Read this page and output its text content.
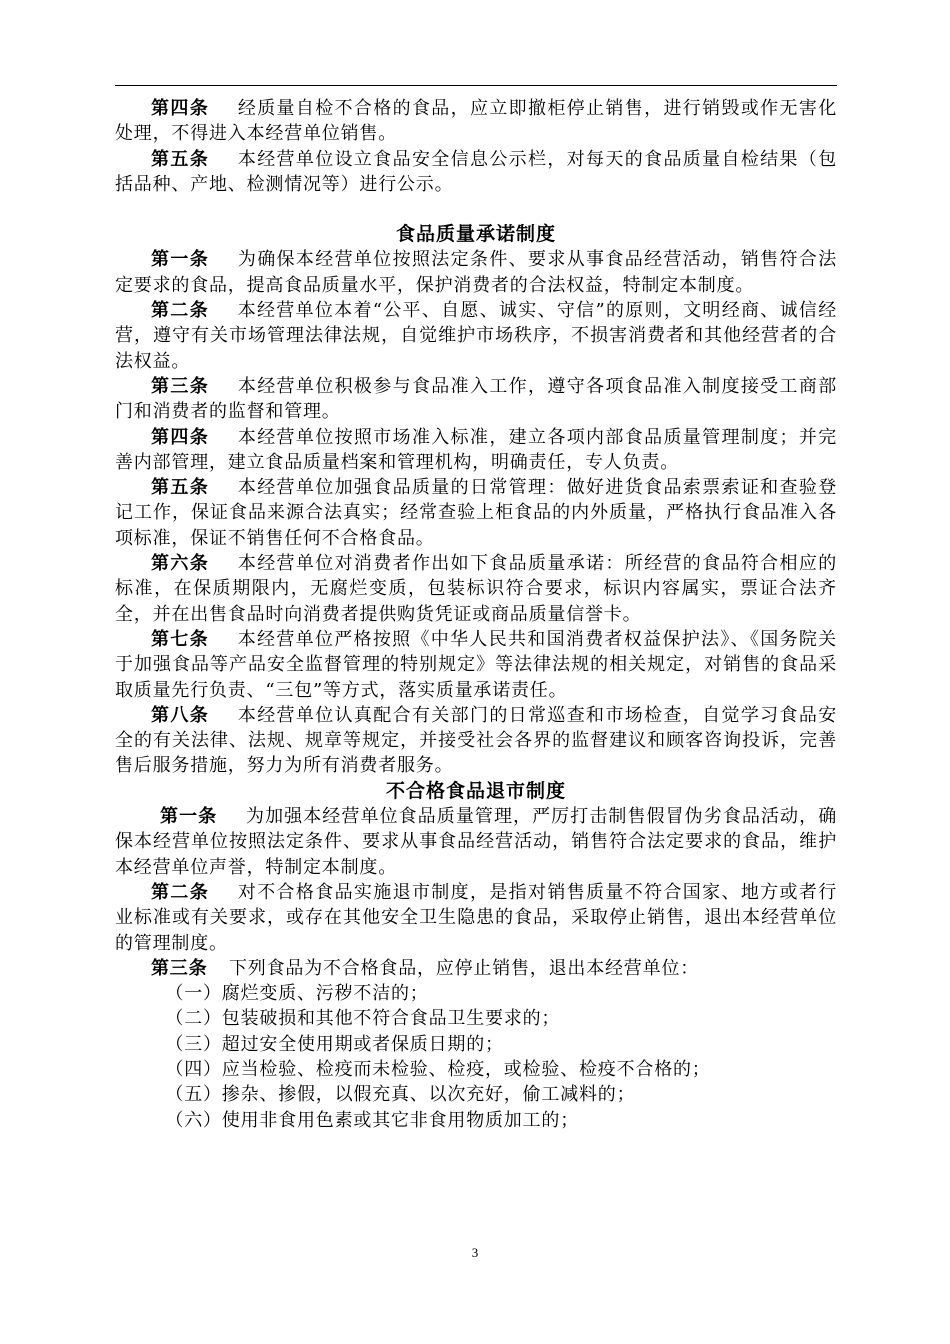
第四条 经质量自检不合格的食品，应立即撤柜停止销售，进行销毁或作无害化处理，不得进入本经营单位销售。

第五条 本经营单位设立食品安全信息公示栏，对每天的食品质量自检结果（包括品种、产地、检测情况等）进行公示。

食品质量承诺制度

第一条 为确保本经营单位按照法定条件、要求从事食品经营活动，销售符合法定要求的食品，提高食品质量水平，保护消费者的合法权益，特制定本制度。

第二条 本经营单位本着“公平、自愿、诚实、守信”的原则，文明经商、诚信经营，遵守有关市场管理法律法规，自觉维护市场秩序，不损害消费者和其他经营者的合法权益。

第三条 本经营单位积极参与食品准入工作，遵守各项食品准入制度接受工商部门和消费者的监督和管理。

第四条 本经营单位按照市场准入标准，建立各项内部食品质量管理制度；并完善内部管理，建立食品质量档案和管理机构，明确责任，专人负责。

第五条 本经营单位加强食品质量的日常管理：做好进货食品索票索证和查验登记工作，保证食品来源合法真实；经常查验上柜食品的内外质量，严格执行食品准入各项标准，保证不销售任何不合格食品。

第六条 本经营单位对消费者作出如下食品质量承诺：所经营的食品符合相应的标准，在保质期限内，无腐烂变质，包装标识符合要求，标识内容属实，票证合法齐全，并在出售食品时向消费者提供购货凭证或商品质量信誉卡。

第七条 本经营单位严格按照《中华人民共和国消费者权益保护法》、《国务院关于加强食品等产品安全监督管理的特别规定》等法律法规的相关规定，对销售的食品采取质量先行负责、“三包”等方式，落实质量承诺责任。

第八条 本经营单位认真配合有关部门的日常巡查和市场检查，自觉学习食品安全的有关法律、法规、规章等规定，并接受社会各界的监督建议和顾客咨询投诉，完善售后服务措施，努力为所有消费者服务。

不合格食品退市制度

第一条 为加强本经营单位食品质量管理，严厉打击制售假冒伪劣食品活动，确保本经营单位按照法定条件、要求从事食品经营活动，销售符合法定要求的食品，维护本经营单位声誉，特制定本制度。

第二条 对不合格食品实施退市制度，是指对销售质量不符合国家、地方或者行业标准或有关要求，或存在其他安全卫生隐患的食品，采取停止销售，退出本经营单位的管理制度。

第三条 下列食品为不合格食品，应停止销售，退出本经营单位：

（一）腐烂变质、污秽不洁的；

（二）包装破损和其他不符合食品卫生要求的；

（三）超过安全使用期或者保质日期的；

（四）应当检验、检疫而未检验、检疫，或检验、检疫不合格的；

（五）掺杂、掺假，以假充真、以次充好，偷工减料的；

（六）使用非食用色素或其它非食用物质加工的；

3
